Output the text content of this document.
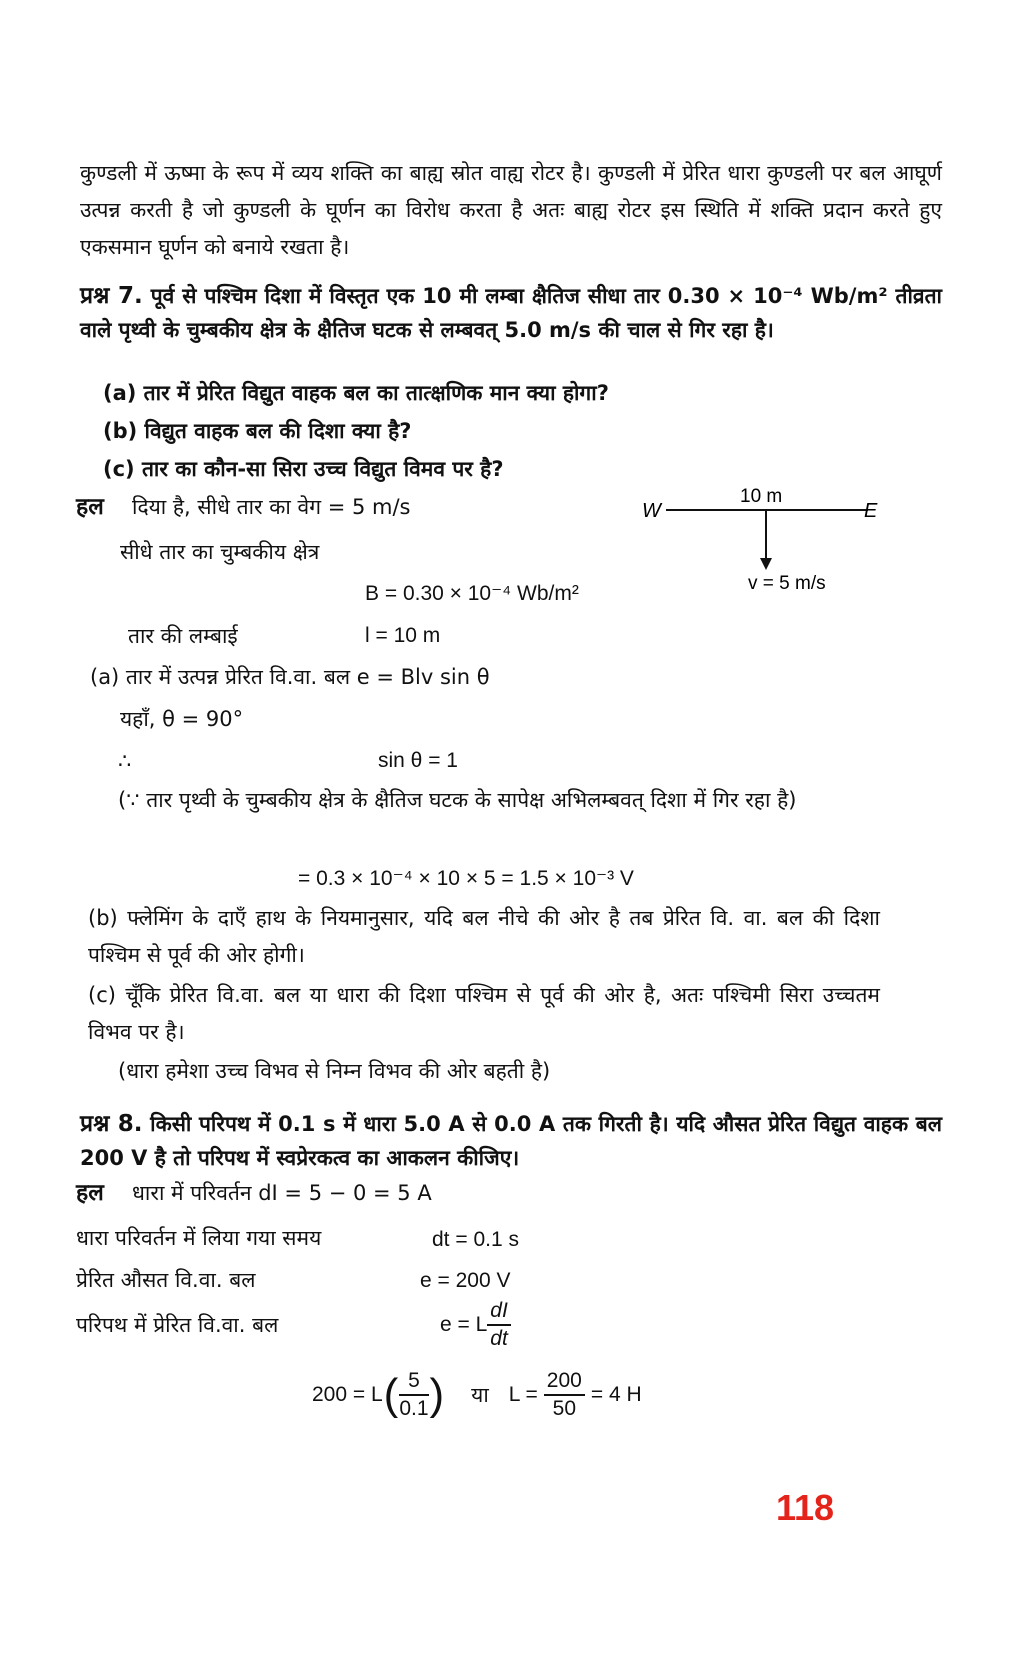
कुण्डली में ऊष्मा के रूप में व्यय शक्ति का बाह्य स्रोत वाह्य रोटर है। कुण्डली में प्रेरित धारा कुण्डली पर बल आघूर्ण उत्पन्न करती है जो कुण्डली के घूर्णन का विरोध करता है अतः बाह्य रोटर इस स्थिति में शक्ति प्रदान करते हुए एकसमान घूर्णन को बनाये रखता है।
प्रश्न 7. पूर्व से पश्चिम दिशा में विस्तृत एक 10 मी लम्बा क्षैतिज सीधा तार 0.30 × 10⁻⁴ Wb/m² तीव्रता वाले पृथ्वी के चुम्बकीय क्षेत्र के क्षैतिज घटक से लम्बवत् 5.0 m/s की चाल से गिर रहा है।
(a) तार में प्रेरित विद्युत वाहक बल का तात्क्षणिक मान क्या होगा?
(b) विद्युत वाहक बल की दिशा क्या है?
(c) तार का कौन-सा सिरा उच्च विद्युत विमव पर है?
10 m
W	E
v = 5 m/s
हल दिया है, सीधे तार का वेग = 5 m/s
सीधे तार का चुम्बकीय क्षेत्र
B = 0.30 × 10⁻⁴ Wb/m²
तार की लम्बाई	l = 10 m
(a) तार में उत्पन्न प्रेरित वि.वा. बल e = Blv sin θ
यहाँ, θ = 90°
∴	sin θ = 1
(∵ तार पृथ्वी के चुम्बकीय क्षेत्र के क्षैतिज घटक के सापेक्ष अभिलम्बवत् दिशा में गिर रहा है)
= 0.3 × 10⁻⁴ × 10 × 5 = 1.5 × 10⁻³ V
(b) फ्लेमिंग के दाएँ हाथ के नियमानुसार, यदि बल नीचे की ओर है तब प्रेरित वि. वा. बल की दिशा पश्चिम से पूर्व की ओर होगी।
(c) चूँकि प्रेरित वि.वा. बल या धारा की दिशा पश्चिम से पूर्व की ओर है, अतः पश्चिमी सिरा उच्चतम विभव पर है।
(धारा हमेशा उच्च विभव से निम्न विभव की ओर बहती है)
प्रश्न 8. किसी परिपथ में 0.1 s में धारा 5.0 A से 0.0 A तक गिरती है। यदि औसत प्रेरित विद्युत वाहक बल 200 V है तो परिपथ में स्वप्रेरकत्व का आकलन कीजिए।
हल धारा में परिवर्तन dI = 5 − 0 = 5 A
धारा परिवर्तन में लिया गया समय	dt = 0.1 s
प्रेरित औसत वि.वा. बल	e = 200 V
परिपथ में प्रेरित वि.वा. बल	e = L $\frac{dI}{dt}$
200 = L ( $\frac{5}{0.1}$ ) या $L = \frac{200}{50} = 4$ H
118
